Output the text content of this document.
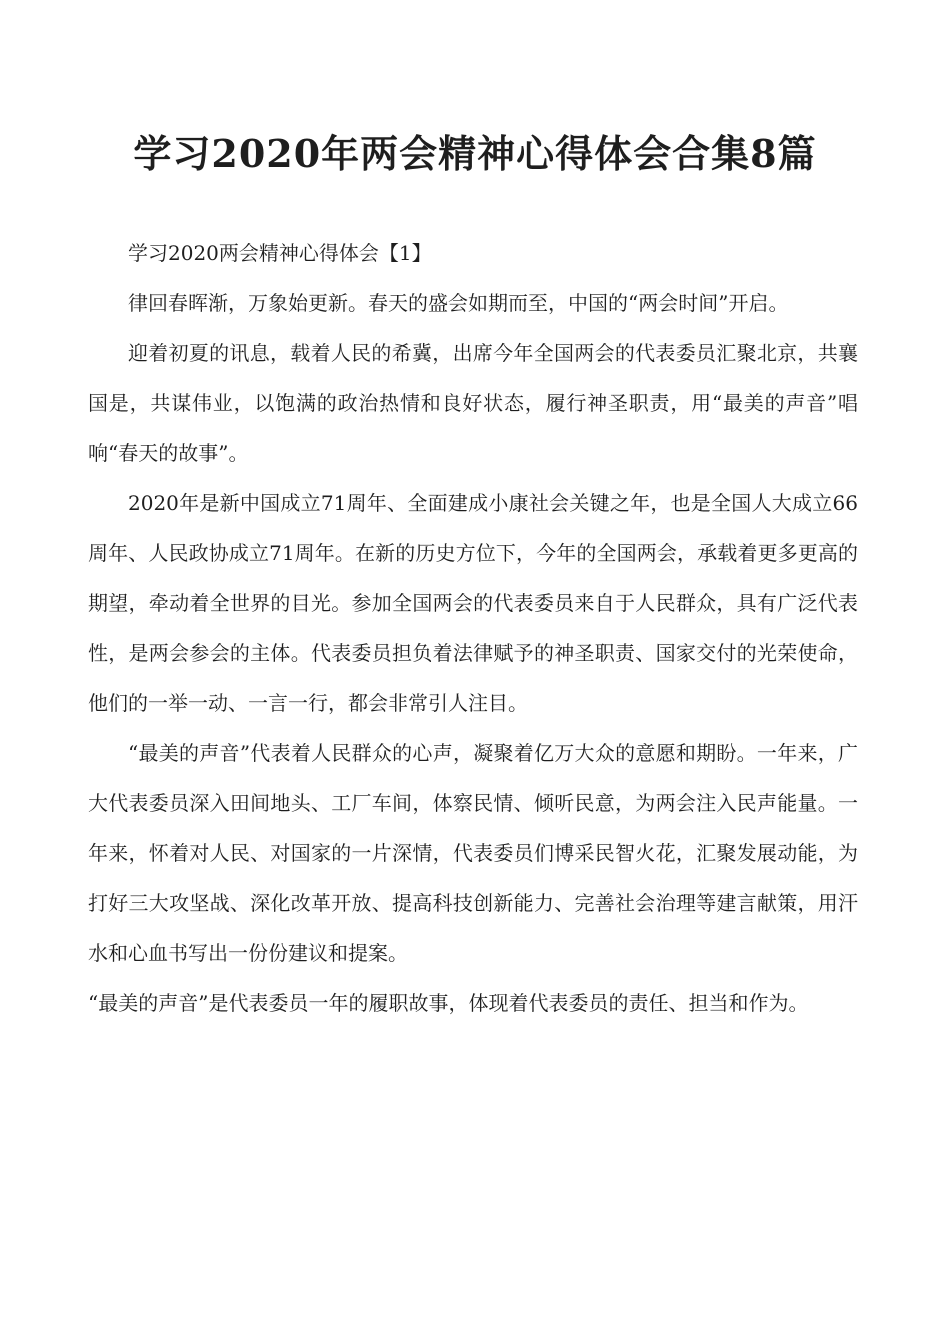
学习2020年两会精神心得体会合集8篇

学习2020两会精神心得体会【1】

律回春晖渐，万象始更新。春天的盛会如期而至，中国的“两会时间”开启。

迎着初夏的讯息，载着人民的希冀，出席今年全国两会的代表委员汇聚北京，共襄国是，共谋伟业，以饱满的政治热情和良好状态，履行神圣职责，用“最美的声音”唱响“春天的故事”。

2020年是新中国成立71周年、全面建成小康社会关键之年，也是全国人大成立66周年、人民政协成立71周年。在新的历史方位下，今年的全国两会，承载着更多更高的期望，牵动着全世界的目光。参加全国两会的代表委员来自于人民群众，具有广泛代表性，是两会参会的主体。代表委员担负着法律赋予的神圣职责、国家交付的光荣使命，他们的一举一动、一言一行，都会非常引人注目。

“最美的声音”代表着人民群众的心声，凝聚着亿万大众的意愿和期盼。一年来，广大代表委员深入田间地头、工厂车间，体察民情、倾听民意，为两会注入民声能量。一年来，怀着对人民、对国家的一片深情，代表委员们博采民智火花，汇聚发展动能，为打好三大攻坚战、深化改革开放、提高科技创新能力、完善社会治理等建言献策，用汗水和心血书写出一份份建议和提案。

“最美的声音”是代表委员一年的履职故事，体现着代表委员的责任、担当和作为。
